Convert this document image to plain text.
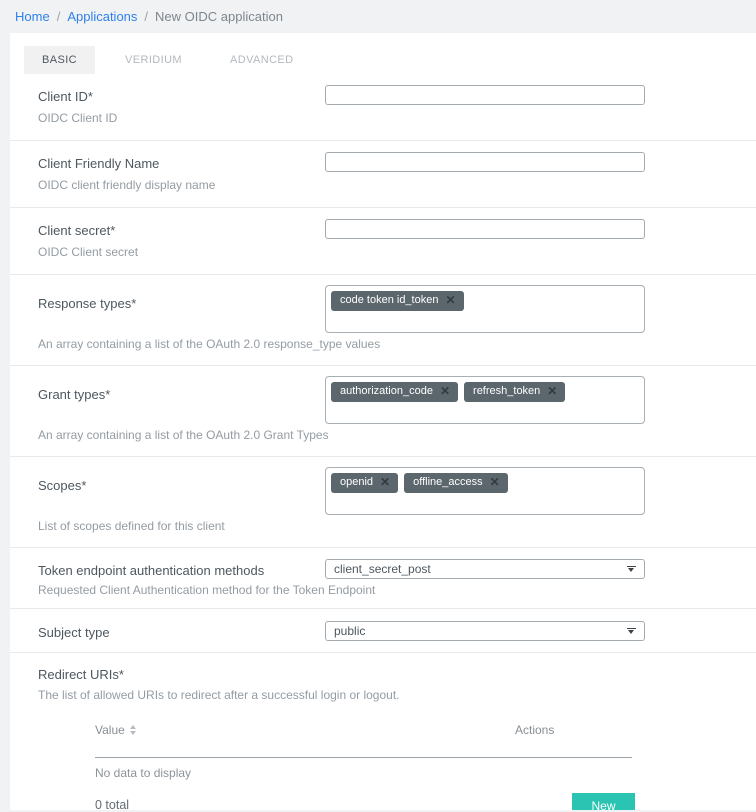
Home / Applications / New OIDC application
BASIC	VERIDIUM	ADVANCED
Client ID*
OIDC Client ID
Client Friendly Name
OIDC client friendly display name
Client secret*
OIDC Client secret
Response types*	code token id_token ✕
An array containing a list of the OAuth 2.0 response_type values
Grant types*	authorization_code ✕ refresh_token ✕
An array containing a list of the OAuth 2.0 Grant Types
Scopes*	openid ✕ offline_access ✕
List of scopes defined for this client
Token endpoint authentication methods	client_secret_post
Requested Client Authentication method for the Token Endpoint
Subject type	public
Redirect URIs*
The list of allowed URIs to redirect after a successful login or logout.
Value	Actions
No data to display
0 total	New
